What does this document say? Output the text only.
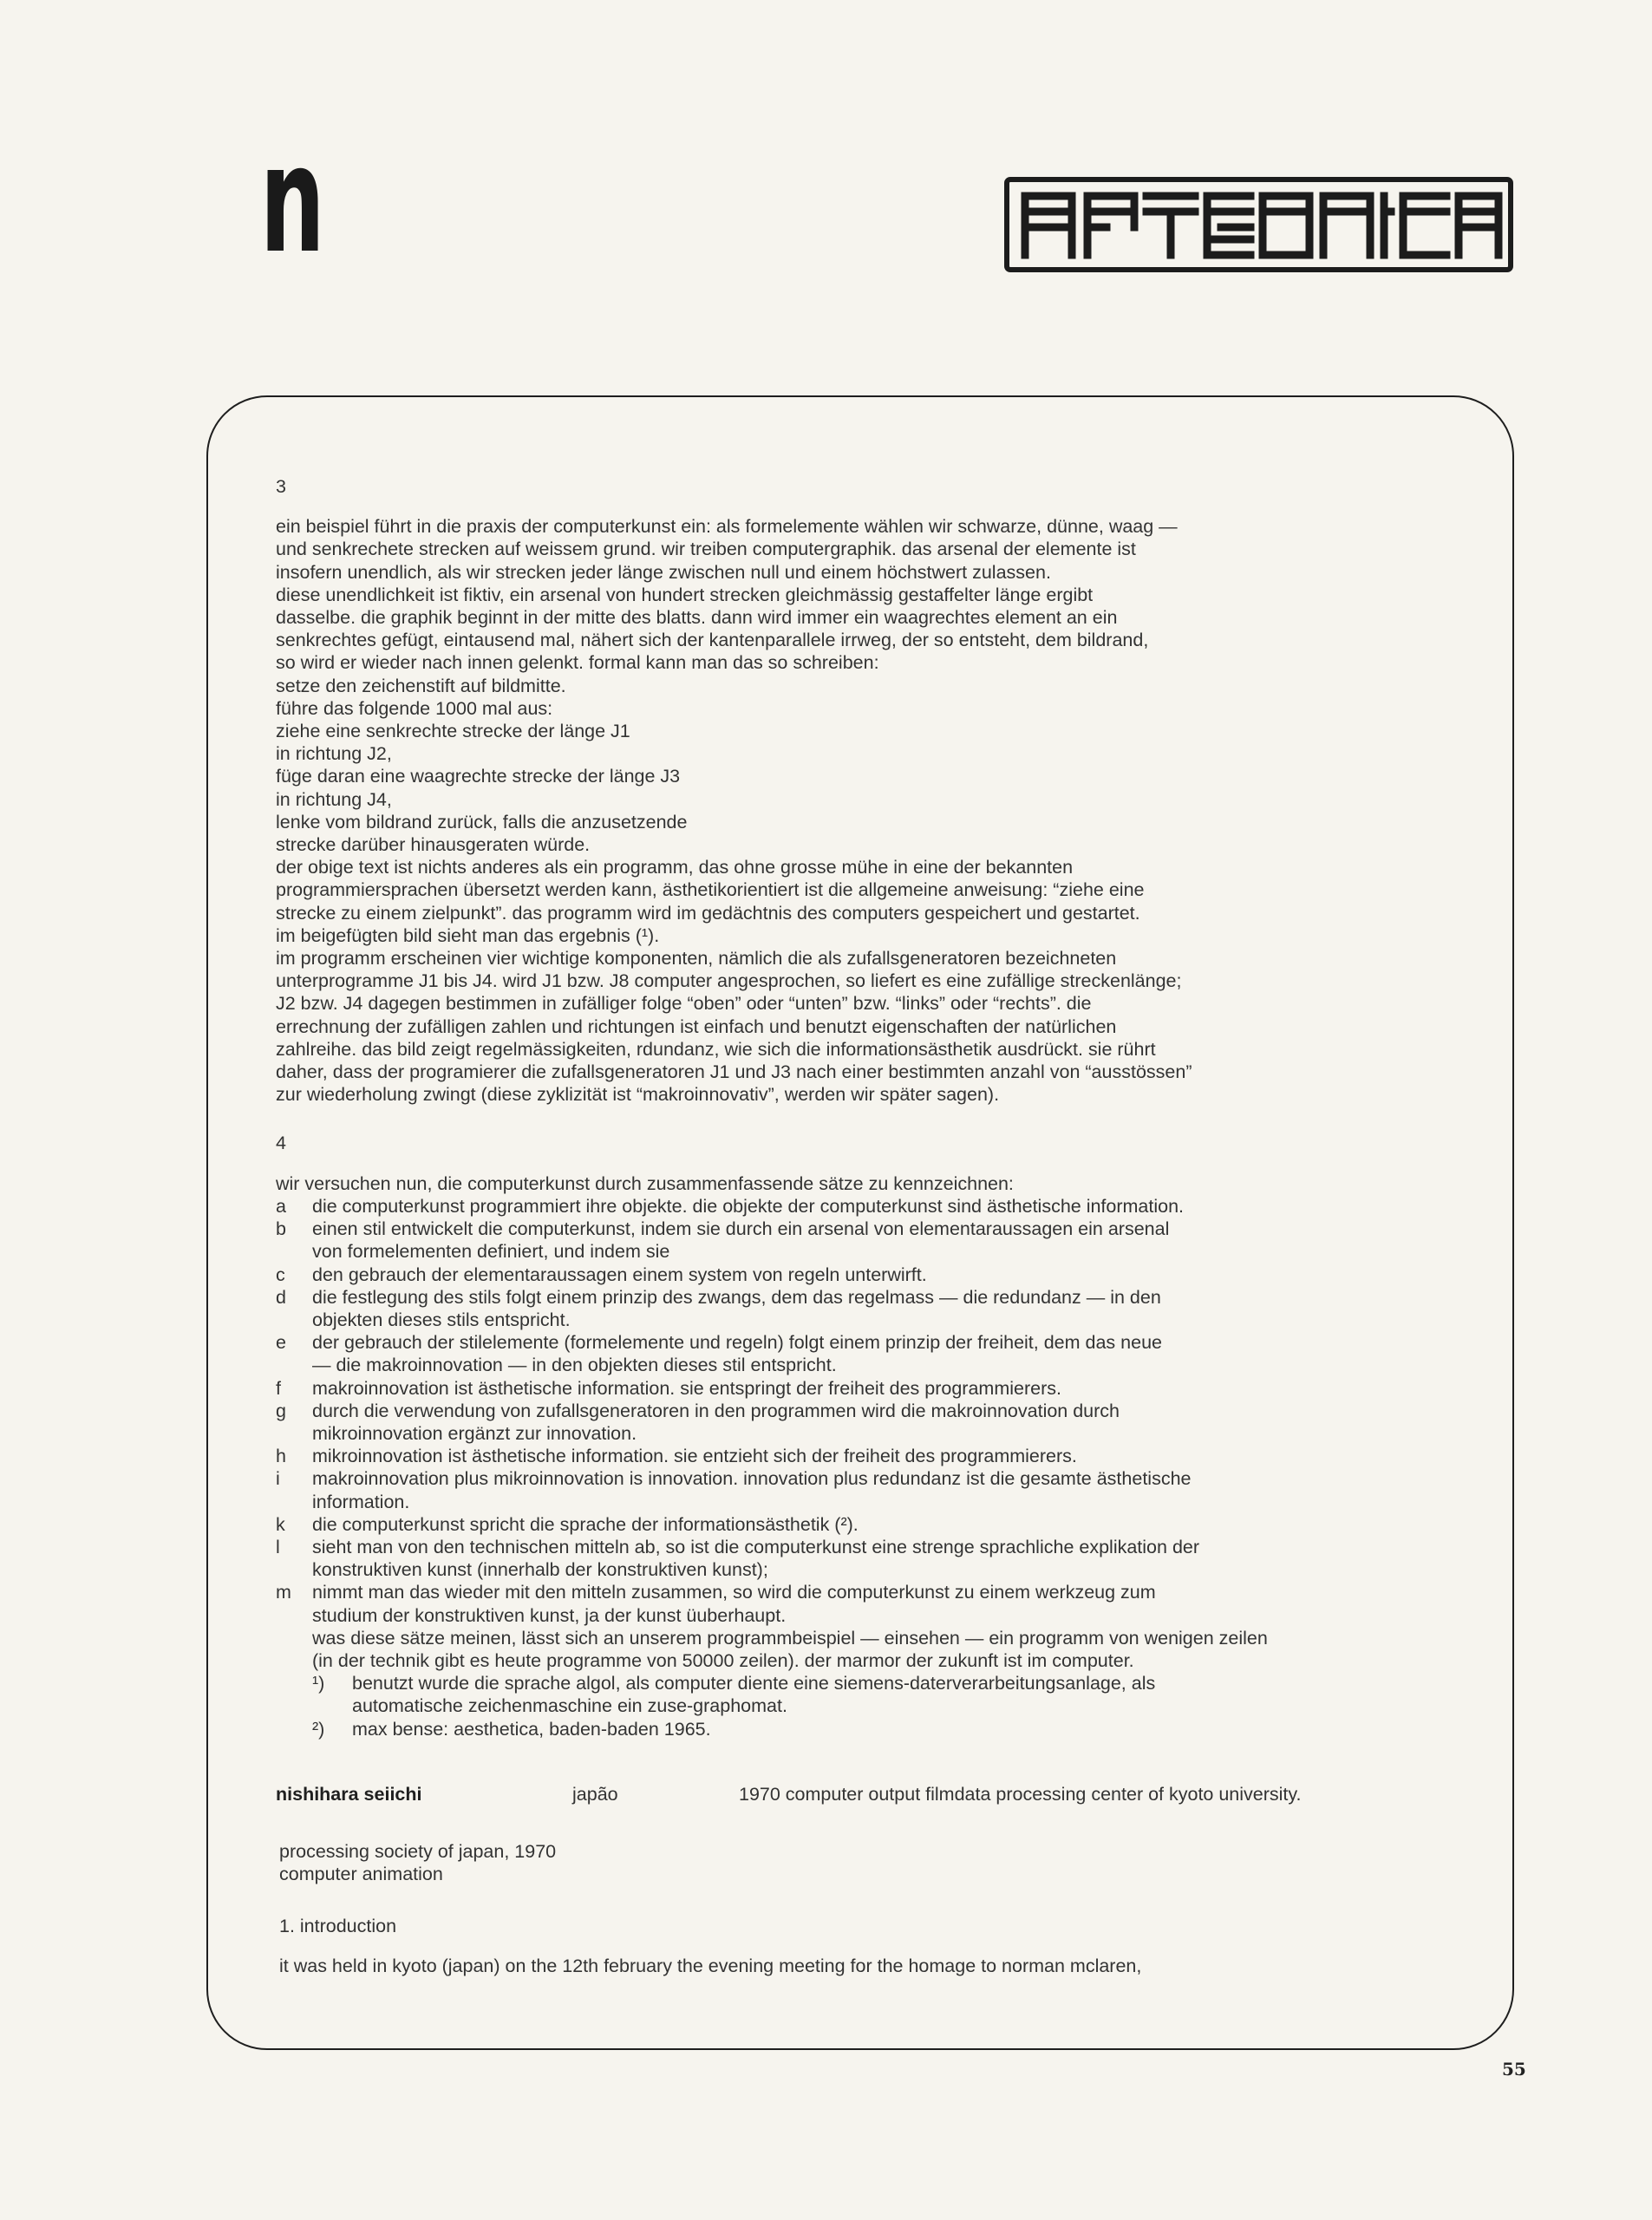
n

3

ein beispiel führt in die praxis der computerkunst ein: als formelemente wählen wir schwarze, dünne, waag —

und senkrechete strecken auf weissem grund. wir treiben computergraphik. das arsenal der elemente ist

insofern unendlich, als wir strecken jeder länge zwischen null und einem höchstwert zulassen.

diese unendlichkeit ist fiktiv, ein arsenal von hundert strecken gleichmässig gestaffelter länge ergibt

dasselbe. die graphik beginnt in der mitte des blatts. dann wird immer ein waagrechtes element an ein

senkrechtes gefügt, eintausend mal, nähert sich der kantenparallele irrweg, der so entsteht, dem bildrand,

so wird er wieder nach innen gelenkt. formal kann man das so schreiben:

setze den zeichenstift auf bildmitte.

führe das folgende 1000 mal aus:

ziehe eine senkrechte strecke der länge J1

in richtung J2,

füge daran eine waagrechte strecke der länge J3

in richtung J4,

lenke vom bildrand zurück, falls die anzusetzende

strecke darüber hinausgeraten würde.

der obige text ist nichts anderes als ein programm, das ohne grosse mühe in eine der bekannten

programmiersprachen übersetzt werden kann, ästhetikorientiert ist die allgemeine anweisung: “ziehe eine

strecke zu einem zielpunkt”. das programm wird im gedächtnis des computers gespeichert und gestartet.

im beigefügten bild sieht man das ergebnis (¹).

im programm erscheinen vier wichtige komponenten, nämlich die als zufallsgeneratoren bezeichneten

unterprogramme J1 bis J4. wird J1 bzw. J8 computer angesprochen, so liefert es eine zufällige streckenlänge;

J2 bzw. J4 dagegen bestimmen in zufälliger folge “oben” oder “unten” bzw. “links” oder “rechts”. die

errechnung der zufälligen zahlen und richtungen ist einfach und benutzt eigenschaften der natürlichen

zahlreihe. das bild zeigt regelmässigkeiten, rdundanz, wie sich die informationsästhetik ausdrückt. sie rührt

daher, dass der programierer die zufallsgeneratoren J1 und J3 nach einer bestimmten anzahl von “ausstössen”

zur wiederholung zwingt (diese zyklizität ist “makroinnovativ”, werden wir später sagen).

4

wir versuchen nun, die computerkunst durch zusammenfassende sätze zu kennzeichnen:

a	die computerkunst programmiert ihre objekte. die objekte der computerkunst sind ästhetische information.

b	einen stil entwickelt die computerkunst, indem sie durch ein arsenal von elementaraussagen ein arsenal

von formelementen definiert, und indem sie

c	den gebrauch der elementaraussagen einem system von regeln unterwirft.

d	die festlegung des stils folgt einem prinzip des zwangs, dem das regelmass — die redundanz — in den

objekten dieses stils entspricht.

e	der gebrauch der stilelemente (formelemente und regeln) folgt einem prinzip der freiheit, dem das neue

— die makroinnovation — in den objekten dieses stil entspricht.

f	makroinnovation ist ästhetische information. sie entspringt der freiheit des programmierers.

g	durch die verwendung von zufallsgeneratoren in den programmen wird die makroinnovation durch

mikroinnovation ergänzt zur innovation.

h	mikroinnovation ist ästhetische information. sie entzieht sich der freiheit des programmierers.

i	makroinnovation plus mikroinnovation is innovation. innovation plus redundanz ist die gesamte ästhetische

information.

k	die computerkunst spricht die sprache der informationsästhetik (²).

l	sieht man von den technischen mitteln ab, so ist die computerkunst eine strenge sprachliche explikation der

konstruktiven kunst (innerhalb der konstruktiven kunst);

m	nimmt man das wieder mit den mitteln zusammen, so wird die computerkunst zu einem werkzeug zum

studium der konstruktiven kunst, ja der kunst üuberhaupt.

was diese sätze meinen, lässt sich an unserem programmbeispiel — einsehen — ein programm von wenigen zeilen

(in der technik gibt es heute programme von 50000 zeilen). der marmor der zukunft ist im computer.

¹)	benutzt wurde die sprache algol, als computer diente eine siemens-daterverarbeitungsanlage, als

automatische zeichenmaschine ein zuse-graphomat.

²)	max bense: aesthetica, baden-baden 1965.

nishihara seiichi	japão	1970 computer output filmdata processing center of kyoto university.

processing society of japan, 1970

computer animation

1. introduction

it was held in kyoto (japan) on the 12th february the evening meeting for the homage to norman mclaren,

55
